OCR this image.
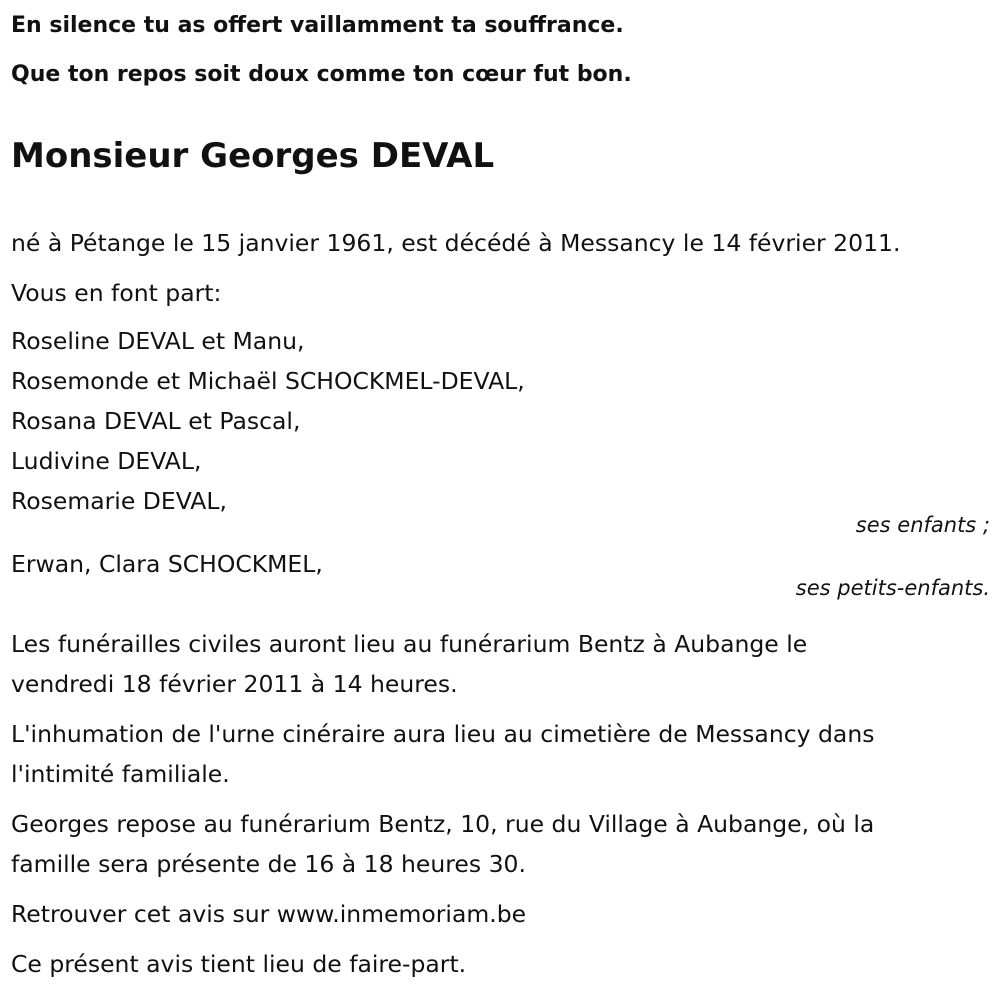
En silence tu as offert vaillamment ta souffrance.
Que ton repos soit doux comme ton cœur fut bon.
Monsieur Georges DEVAL
né à Pétange le 15 janvier 1961, est décédé à Messancy le 14 février 2011.
Vous en font part:
Roseline DEVAL et Manu,
Rosemonde et Michaël SCHOCKMEL-DEVAL,
Rosana DEVAL et Pascal,
Ludivine DEVAL,
Rosemarie DEVAL,
ses enfants ;
Erwan, Clara SCHOCKMEL,
ses petits-enfants.
Les funérailles civiles auront lieu au funérarium Bentz à Aubange le
vendredi 18 février 2011 à 14 heures.
L'inhumation de l'urne cinéraire aura lieu au cimetière de Messancy dans
l'intimité familiale.
Georges repose au funérarium Bentz, 10, rue du Village à Aubange, où la
famille sera présente de 16 à 18 heures 30.
Retrouver cet avis sur www.inmemoriam.be
Ce présent avis tient lieu de faire-part.
